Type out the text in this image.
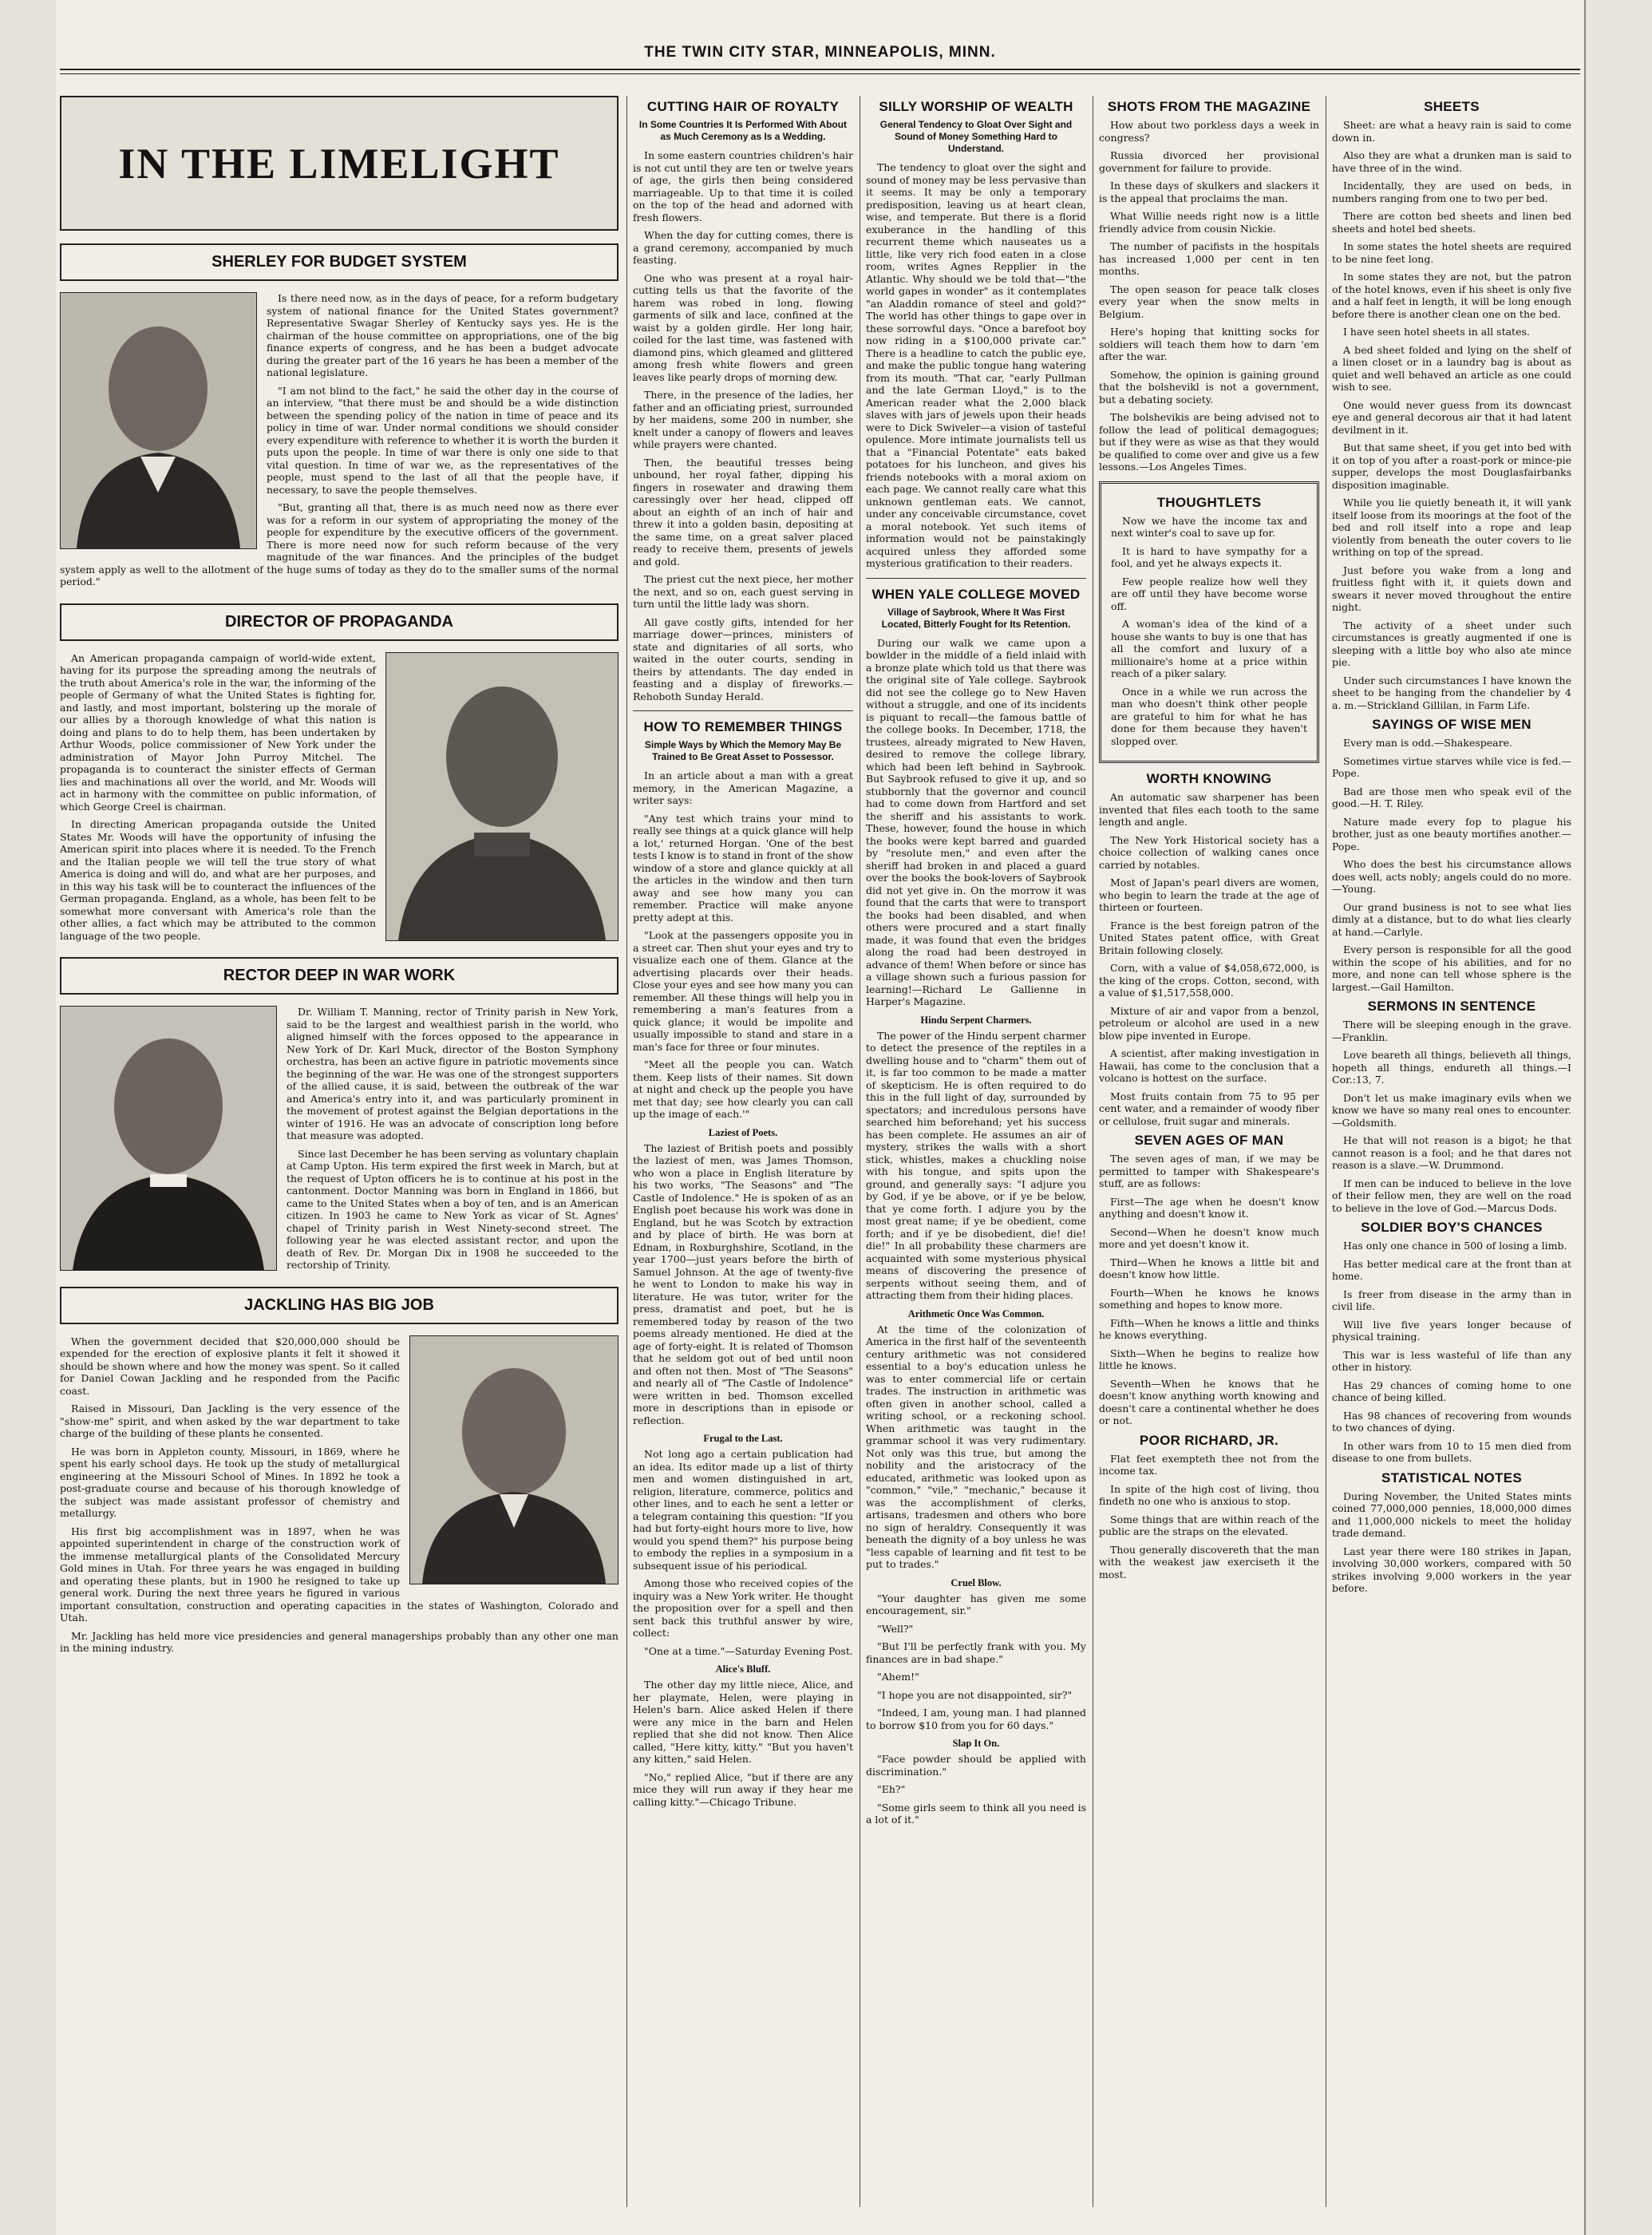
THE TWIN CITY STAR, MINNEAPOLIS, MINN.
IN THE LIMELIGHT
SHERLEY FOR BUDGET SYSTEM

Is there need now, as in the days of peace, for a reform budgetary system of national finance for the United States government? Representative Swagar Sherley of Kentucky says yes. He is the chairman of the house committee on appropriations, one of the big finance experts of congress, and he has been a budget advocate during the greater part of the 16 years he has been a member of the national legislature.

"I am not blind to the fact," he said the other day in the course of an interview, "that there must be and should be a wide distinction between the spending policy of the nation in time of peace and its policy in time of war. Under normal conditions we should consider every expenditure with reference to whether it is worth the burden it puts upon the people. In time of war there is only one side to that vital question. In time of war we, as the representatives of the people, must spend to the last of all that the people have, if necessary, to save the people themselves.

"But, granting all that, there is as much need now as there ever was for a reform in our system of appropriating the money of the people for expenditure by the executive officers of the government. There is more need now for such reform because of the very magnitude of the war finances. And the principles of the budget system apply as well to the allotment of the huge sums of today as they do to the smaller sums of the normal period."

DIRECTOR OF PROPAGANDA

An American propaganda campaign of world-wide extent, having for its purpose the spreading among the neutrals of the truth about America's role in the war, the informing of the people of Germany of what the United States is fighting for, and lastly, and most important, bolstering up the morale of our allies by a thorough knowledge of what this nation is doing and plans to do to help them, has been undertaken by Arthur Woods, police commissioner of New York under the administration of Mayor John Purroy Mitchel. The propaganda is to counteract the sinister effects of German lies and machinations all over the world, and Mr. Woods will act in harmony with the committee on public information, of which George Creel is chairman.

In directing American propaganda outside the United States Mr. Woods will have the opportunity of infusing the American spirit into places where it is needed. To the French and the Italian people we will tell the true story of what America is doing and will do, and what are her purposes, and in this way his task will be to counteract the influences of the German propaganda. England, as a whole, has been felt to be somewhat more conversant with America's role than the other allies, a fact which may be attributed to the common language of the two people.

RECTOR DEEP IN WAR WORK

Dr. William T. Manning, rector of Trinity parish in New York, said to be the largest and wealthiest parish in the world, who aligned himself with the forces opposed to the appearance in New York of Dr. Karl Muck, director of the Boston Symphony orchestra, has been an active figure in patriotic movements since the beginning of the war. He was one of the strongest supporters of the allied cause, it is said, between the outbreak of the war and America's entry into it, and was particularly prominent in the movement of protest against the Belgian deportations in the winter of 1916. He was an advocate of conscription long before that measure was adopted.

Since last December he has been serving as voluntary chaplain at Camp Upton. His term expired the first week in March, but at the request of Upton officers he is to continue at his post in the cantonment. Doctor Manning was born in England in 1866, but came to the United States when a boy of ten, and is an American citizen. In 1903 he came to New York as vicar of St. Agnes' chapel of Trinity parish in West Ninety-second street. The following year he was elected assistant rector, and upon the death of Rev. Dr. Morgan Dix in 1908 he succeeded to the rectorship of Trinity.

JACKLING HAS BIG JOB

When the government decided that $20,000,000 should be expended for the erection of explosive plants it felt it showed it should be shown where and how the money was spent. So it called for Daniel Cowan Jackling and he responded from the Pacific coast.

Raised in Missouri, Dan Jackling is the very essence of the "show-me" spirit, and when asked by the war department to take charge of the building of these plants he consented.

He was born in Appleton county, Missouri, in 1869, where he spent his early school days. He took up the study of metallurgical engineering at the Missouri School of Mines. In 1892 he took a post-graduate course and because of his thorough knowledge of the subject was made assistant professor of chemistry and metallurgy.

His first big accomplishment was in 1897, when he was appointed superintendent in charge of the construction work of the immense metallurgical plants of the Consolidated Mercury Gold mines in Utah. For three years he was engaged in building and operating these plants, but in 1900 he resigned to take up general work. During the next three years he figured in various important consultation, construction and operating capacities in the states of Washington, Colorado and Utah.

Mr. Jackling has held more vice presidencies and general managerships probably than any other one man in the mining industry.

CUTTING HAIR OF ROYALTY
In Some Countries It Is Performed With About as Much Ceremony as Is a Wedding.

In some eastern countries children's hair is not cut until they are ten or twelve years of age, the girls then being considered marriageable. Up to that time it is coiled on the top of the head and adorned with fresh flowers.

When the day for cutting comes, there is a grand ceremony, accompanied by much feasting.

One who was present at a royal hair-cutting tells us that the favorite of the harem was robed in long, flowing garments of silk and lace, confined at the waist by a golden girdle. Her long hair, coiled for the last time, was fastened with diamond pins, which gleamed and glittered among fresh white flowers and green leaves like pearly drops of morning dew.

There, in the presence of the ladies, her father and an officiating priest, surrounded by her maidens, some 200 in number, she knelt under a canopy of flowers and leaves while prayers were chanted.

Then, the beautiful tresses being unbound, her royal father, dipping his fingers in rosewater and drawing them caressingly over her head, clipped off about an eighth of an inch of hair and threw it into a golden basin, depositing at the same time, on a great salver placed ready to receive them, presents of jewels and gold.

The priest cut the next piece, her mother the next, and so on, each guest serving in turn until the little lady was shorn.

All gave costly gifts, intended for her marriage dower—princes, ministers of state and dignitaries of all sorts, who waited in the outer courts, sending in theirs by attendants. The day ended in feasting and a display of fireworks.—Rehoboth Sunday Herald.

HOW TO REMEMBER THINGS
Simple Ways by Which the Memory May Be Trained to Be Great Asset to Possessor.

In an article about a man with a great memory, in the American Magazine, a writer says:

"Any test which trains your mind to really see things at a quick glance will help a lot,' returned Horgan. 'One of the best tests I know is to stand in front of the show window of a store and glance quickly at all the articles in the window and then turn away and see how many you can remember. Practice will make anyone pretty adept at this.

"Look at the passengers opposite you in a street car. Then shut your eyes and try to visualize each one of them. Glance at the advertising placards over their heads. Close your eyes and see how many you can remember. All these things will help you in remembering a man's features from a quick glance; it would be impolite and usually impossible to stand and stare in a man's face for three or four minutes.

"Meet all the people you can. Watch them. Keep lists of their names. Sit down at night and check up the people you have met that day; see how clearly you can call up the image of each.'"

Laziest of Poets.

The laziest of British poets and possibly the laziest of men, was James Thomson, who won a place in English literature by his two works, "The Seasons" and "The Castle of Indolence." He is spoken of as an English poet because his work was done in England, but he was Scotch by extraction and by place of birth. He was born at Ednam, in Roxburghshire, Scotland, in the year 1700—just years before the birth of Samuel Johnson. At the age of twenty-five he went to London to make his way in literature. He was tutor, writer for the press, dramatist and poet, but he is remembered today by reason of the two poems already mentioned. He died at the age of forty-eight. It is related of Thomson that he seldom got out of bed until noon and often not then. Most of "The Seasons" and nearly all of "The Castle of Indolence" were written in bed. Thomson excelled more in descriptions than in episode or reflection.

Frugal to the Last.

Not long ago a certain publication had an idea. Its editor made up a list of thirty men and women distinguished in art, religion, literature, commerce, politics and other lines, and to each he sent a letter or a telegram containing this question: "If you had but forty-eight hours more to live, how would you spend them?" his purpose being to embody the replies in a symposium in a subsequent issue of his periodical.

Among those who received copies of the inquiry was a New York writer. He thought the proposition over for a spell and then sent back this truthful answer by wire, collect:

"One at a time."—Saturday Evening Post.

Alice's Bluff.

The other day my little niece, Alice, and her playmate, Helen, were playing in Helen's barn. Alice asked Helen if there were any mice in the barn and Helen replied that she did not know. Then Alice called, "Here kitty, kitty." "But you haven't any kitten," said Helen.

"No," replied Alice, "but if there are any mice they will run away if they hear me calling kitty."—Chicago Tribune.

SILLY WORSHIP OF WEALTH
General Tendency to Gloat Over Sight and Sound of Money Something Hard to Understand.

The tendency to gloat over the sight and sound of money may be less pervasive than it seems. It may be only a temporary predisposition, leaving us at heart clean, wise, and temperate. But there is a florid exuberance in the handling of this recurrent theme which nauseates us a little, like very rich food eaten in a close room, writes Agnes Repplier in the Atlantic. Why should we be told that—"the world gapes in wonder" as it contemplates "an Aladdin romance of steel and gold?" The world has other things to gape over in these sorrowful days. "Once a barefoot boy now riding in a $100,000 private car." There is a headline to catch the public eye, and make the public tongue hang watering from its mouth. "That car, "early Pullman and the late German Lloyd," is to the American reader what the 2,000 black slaves with jars of jewels upon their heads were to Dick Swiveler—a vision of tasteful opulence. More intimate journalists tell us that a "Financial Potentate" eats baked potatoes for his luncheon, and gives his friends notebooks with a moral axiom on each page. We cannot really care what this unknown gentleman eats. We cannot, under any conceivable circumstance, covet a moral notebook. Yet such items of information would not be painstakingly acquired unless they afforded some mysterious gratification to their readers.

WHEN YALE COLLEGE MOVED
Village of Saybrook, Where It Was First Located, Bitterly Fought for Its Retention.

During our walk we came upon a bowlder in the middle of a field inlaid with a bronze plate which told us that there was the original site of Yale college. Saybrook did not see the college go to New Haven without a struggle, and one of its incidents is piquant to recall—the famous battle of the college books. In December, 1718, the trustees, already migrated to New Haven, desired to remove the college library, which had been left behind in Saybrook. But Saybrook refused to give it up, and so stubbornly that the governor and council had to come down from Hartford and set the sheriff and his assistants to work. These, however, found the house in which the books were kept barred and guarded by "resolute men," and even after the sheriff had broken in and placed a guard over the books the book-lovers of Saybrook did not yet give in. On the morrow it was found that the carts that were to transport the books had been disabled, and when others were procured and a start finally made, it was found that even the bridges along the road had been destroyed in advance of them! When before or since has a village shown such a furious passion for learning!—Richard Le Gallienne in Harper's Magazine.

Hindu Serpent Charmers.

The power of the Hindu serpent charmer to detect the presence of the reptiles in a dwelling house and to "charm" them out of it, is far too common to be made a matter of skepticism. He is often required to do this in the full light of day, surrounded by spectators; and incredulous persons have searched him beforehand; yet his success has been complete. He assumes an air of mystery, strikes the walls with a short stick, whistles, makes a chuckling noise with his tongue, and spits upon the ground, and generally says: "I adjure you by God, if ye be above, or if ye be below, that ye come forth. I adjure you by the most great name; if ye be obedient, come forth; and if ye be disobedient, die! die! die!" In all probability these charmers are acquainted with some mysterious physical means of discovering the presence of serpents without seeing them, and of attracting them from their hiding places.

Arithmetic Once Was Common.

At the time of the colonization of America in the first half of the seventeenth century arithmetic was not considered essential to a boy's education unless he was to enter commercial life or certain trades. The instruction in arithmetic was often given in another school, called a writing school, or a reckoning school. When arithmetic was taught in the grammar school it was very rudimentary. Not only was this true, but among the nobility and the aristocracy of the educated, arithmetic was looked upon as "common," "vile," "mechanic," because it was the accomplishment of clerks, artisans, tradesmen and others who bore no sign of heraldry. Consequently it was beneath the dignity of a boy unless he was "less capable of learning and fit test to be put to trades."

Cruel Blow.

"Your daughter has given me some encouragement, sir."

"Well?"

"But I'll be perfectly frank with you. My finances are in bad shape."

"Ahem!"

"I hope you are not disappointed, sir?"

"Indeed, I am, young man. I had planned to borrow $10 from you for 60 days."

Slap It On.

"Face powder should be applied with discrimination."

"Eh?"

"Some girls seem to think all you need is a lot of it."

SHOTS FROM THE MAGAZINE

How about two porkless days a week in congress?

Russia divorced her provisional government for failure to provide.

In these days of skulkers and slackers it is the appeal that proclaims the man.

What Willie needs right now is a little friendly advice from cousin Nickie.

The number of pacifists in the hospitals has increased 1,000 per cent in ten months.

The open season for peace talk closes every year when the snow melts in Belgium.

Here's hoping that knitting socks for soldiers will teach them how to darn 'em after the war.

Somehow, the opinion is gaining ground that the bolshevikl is not a government, but a debating society.

The bolshevikis are being advised not to follow the lead of political demagogues; but if they were as wise as that they would be qualified to come over and give us a few lessons.—Los Angeles Times.

THOUGHTLETS

Now we have the income tax and next winter's coal to save up for.

It is hard to have sympathy for a fool, and yet he always expects it.

Few people realize how well they are off until they have become worse off.

A woman's idea of the kind of a house she wants to buy is one that has all the comfort and luxury of a millionaire's home at a price within reach of a piker salary.

Once in a while we run across the man who doesn't think other people are grateful to him for what he has done for them because they haven't slopped over.

WORTH KNOWING

An automatic saw sharpener has been invented that files each tooth to the same length and angle.

The New York Historical society has a choice collection of walking canes once carried by notables.

Most of Japan's pearl divers are women, who begin to learn the trade at the age of thirteen or fourteen.

France is the best foreign patron of the United States patent office, with Great Britain following closely.

Corn, with a value of $4,058,672,000, is the king of the crops. Cotton, second, with a value of $1,517,558,000.

Mixture of air and vapor from a benzol, petroleum or alcohol are used in a new blow pipe invented in Europe.

A scientist, after making investigation in Hawaii, has come to the conclusion that a volcano is hottest on the surface.

Most fruits contain from 75 to 95 per cent water, and a remainder of woody fiber or cellulose, fruit sugar and minerals.

SEVEN AGES OF MAN

The seven ages of man, if we may be permitted to tamper with Shakespeare's stuff, are as follows:

First—The age when he doesn't know anything and doesn't know it.

Second—When he doesn't know much more and yet doesn't know it.

Third—When he knows a little bit and doesn't know how little.

Fourth—When he knows he knows something and hopes to know more.

Fifth—When he knows a little and thinks he knows everything.

Sixth—When he begins to realize how little he knows.

Seventh—When he knows that he doesn't know anything worth knowing and doesn't care a continental whether he does or not.

POOR RICHARD, JR.

Flat feet exempteth thee not from the income tax.

In spite of the high cost of living, thou findeth no one who is anxious to stop.

Some things that are within reach of the public are the straps on the elevated.

Thou generally discovereth that the man with the weakest jaw exerciseth it the most.

SHEETS

Sheet: are what a heavy rain is said to come down in.

Also they are what a drunken man is said to have three of in the wind.

Incidentally, they are used on beds, in numbers ranging from one to two per bed.

There are cotton bed sheets and linen bed sheets and hotel bed sheets.

In some states the hotel sheets are required to be nine feet long.

In some states they are not, but the patron of the hotel knows, even if his sheet is only five and a half feet in length, it will be long enough before there is another clean one on the bed.

I have seen hotel sheets in all states.

A bed sheet folded and lying on the shelf of a linen closet or in a laundry bag is about as quiet and well behaved an article as one could wish to see.

One would never guess from its downcast eye and general decorous air that it had latent devilment in it.

But that same sheet, if you get into bed with it on top of you after a roast-pork or mince-pie supper, develops the most Douglasfairbanks disposition imaginable.

While you lie quietly beneath it, it will yank itself loose from its moorings at the foot of the bed and roll itself into a rope and leap violently from beneath the outer covers to lie writhing on top of the spread.

Just before you wake from a long and fruitless fight with it, it quiets down and swears it never moved throughout the entire night.

The activity of a sheet under such circumstances is greatly augmented if one is sleeping with a little boy who also ate mince pie.

Under such circumstances I have known the sheet to be hanging from the chandelier by 4 a. m.—Strickland Gillilan, in Farm Life.

SAYINGS OF WISE MEN

Every man is odd.—Shakespeare.

Sometimes virtue starves while vice is fed.—Pope.

Bad are those men who speak evil of the good.—H. T. Riley.

Nature made every fop to plague his brother, just as one beauty mortifies another.—Pope.

Who does the best his circumstance allows does well, acts nobly; angels could do no more.—Young.

Our grand business is not to see what lies dimly at a distance, but to do what lies clearly at hand.—Carlyle.

Every person is responsible for all the good within the scope of his abilities, and for no more, and none can tell whose sphere is the largest.—Gail Hamilton.

SERMONS IN SENTENCE

There will be sleeping enough in the grave.—Franklin.

Love beareth all things, believeth all things, hopeth all things, endureth all things.—I Cor.:13, 7.

Don't let us make imaginary evils when we know we have so many real ones to encounter.—Goldsmith.

He that will not reason is a bigot; he that cannot reason is a fool; and he that dares not reason is a slave.—W. Drummond.

If men can be induced to believe in the love of their fellow men, they are well on the road to believe in the love of God.—Marcus Dods.

SOLDIER BOY'S CHANCES

Has only one chance in 500 of losing a limb.

Has better medical care at the front than at home.

Is freer from disease in the army than in civil life.

Will live five years longer because of physical training.

This war is less wasteful of life than any other in history.

Has 29 chances of coming home to one chance of being killed.

Has 98 chances of recovering from wounds to two chances of dying.

In other wars from 10 to 15 men died from disease to one from bullets.

STATISTICAL NOTES

During November, the United States mints coined 77,000,000 pennies, 18,000,000 dimes and 11,000,000 nickels to meet the holiday trade demand.

Last year there were 180 strikes in Japan, involving 30,000 workers, compared with 50 strikes involving 9,000 workers in the year before.
